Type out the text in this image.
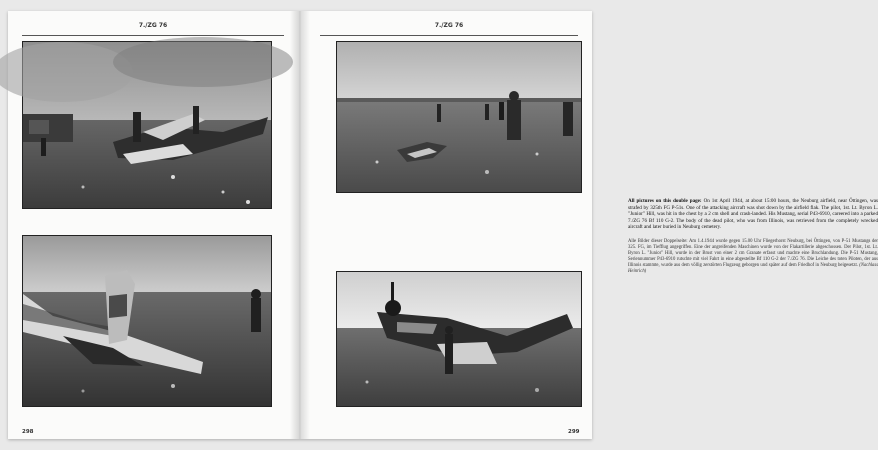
7./ZG 76
298
7./ZG 76
All pictures on this double page: On 1st April 1944, at about 15:00 hours, the Neuburg airfield, near Öttingen, was strafed by 325th FG P-51s. One of the attacking aircraft was shot down by the airfield flak. The pilot, 1st. Lt. Byron L. "Junior" Hill, was hit in the chest by a 2 cm shell and crash-landed. His Mustang, serial P43-6910, careered into a parked 7./ZG 76 Bf 110 G-2. The body of the dead pilot, who was from Illinois, was retrieved from the completely wrecked aircraft and later buried in Neuburg cemetery.
Alle Bilder dieser Doppelseite: Am 1.4.1944 wurde gegen 15.00 Uhr Fliegerhorst Neuburg, bei Öttingen, von P-51 Mustangs der 325. FG, im Tiefflug angegriffen. Eine der angreifenden Maschinen wurde von der Flakartillerie abgeschossen. Der Pilot, 1st. Lt. Byron L. "Junior" Hill, wurde in der Brust von einer 2 cm Granate erfasst und machte eine Bruchlandung. Die P-51 Mustang, Seriennummer P43-6910 rutschte mit viel Fahrt in eine abgestellte Bf 110 G-2 der 7./ZG 76. Die Leiche des toten Piloten, der aus Illinois stammte, wurde aus dem völlig zerstörten Flugzeug geborgen und später auf dem Friedhof in Neuburg beigesetzt. (Nachlass Heinrich)
299
